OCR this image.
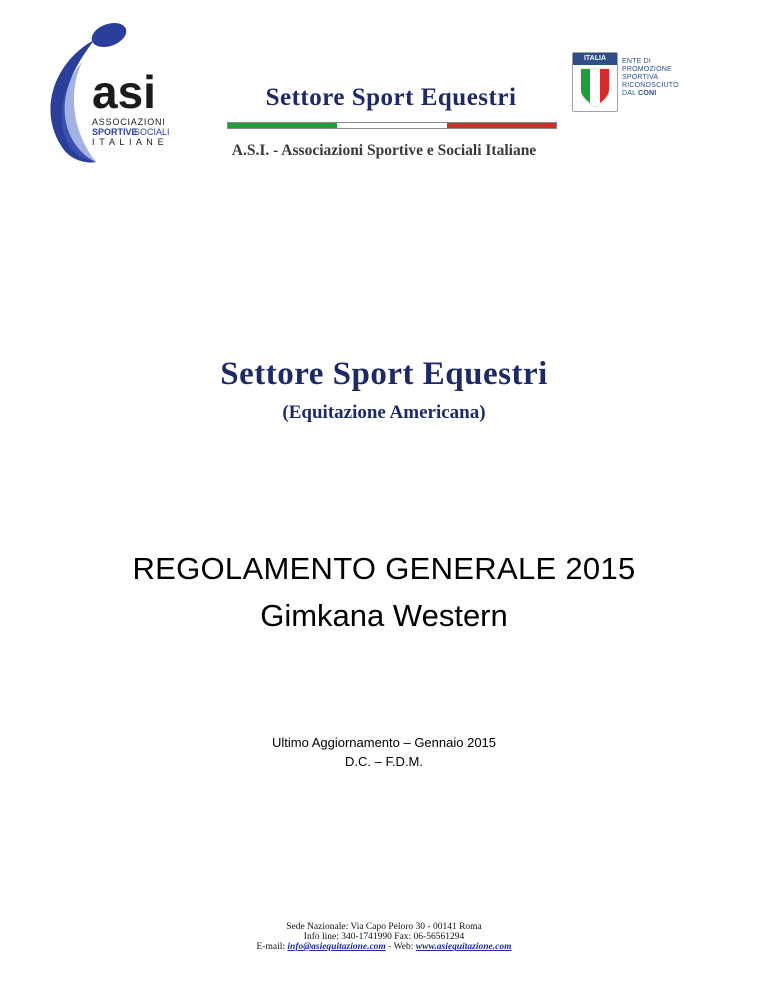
asi
ASSOCIAZIONI
SPORTIVE
SOCIALI
I T A L I A N E
ITALIA	ENTE DI PROMOZIONE
SPORTIVA
RICONOSCIUTO
DAL CONI
Settore Sport Equestri
A.S.I. - Associazioni Sportive e Sociali Italiane
Settore Sport Equestri
(Equitazione Americana)
REGOLAMENTO GENERALE 2015
Gimkana Western
Ultimo Aggiornamento – Gennaio 2015
D.C. – F.D.M.
Sede Nazionale: Via Capo Peloro 30 - 00141 Roma
Info line: 340-1741990 Fax: 06-56561294
E-mail: info@asiequitazione.com - Web: www.asiequitazione.com
